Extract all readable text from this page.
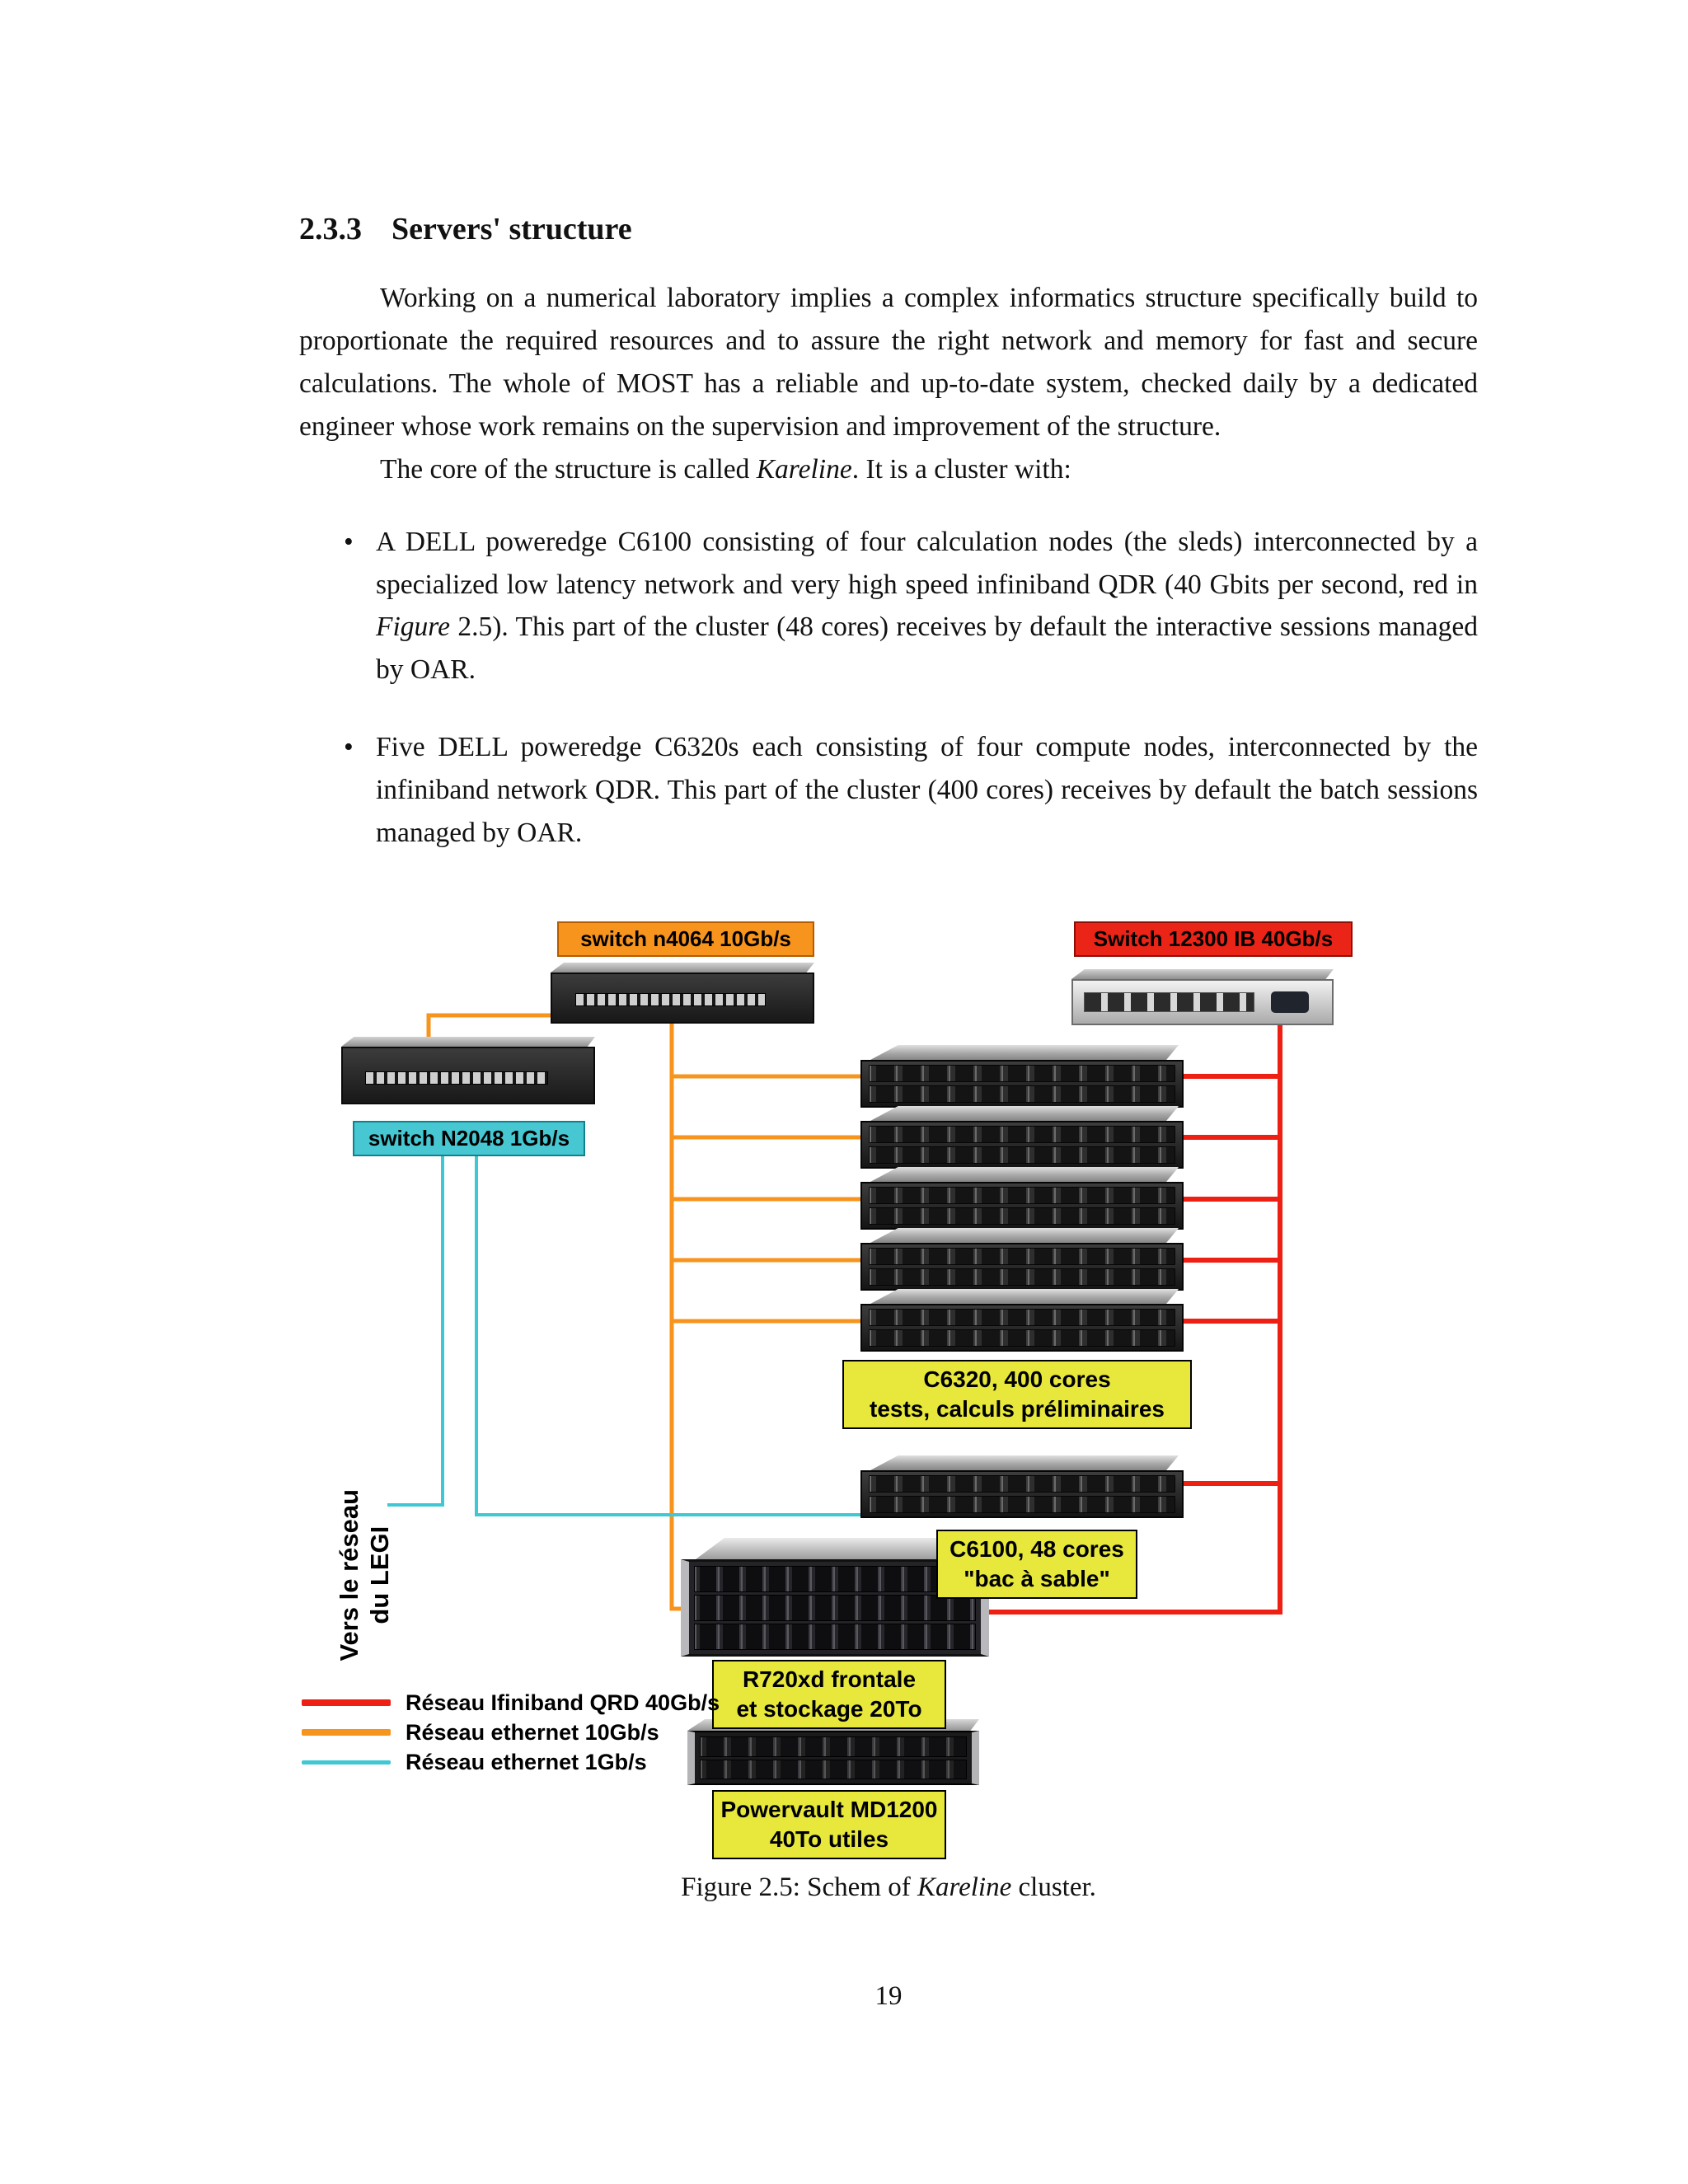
2.3.3 Servers' structure

Working on a numerical laboratory implies a complex informatics structure specifically build to proportionate the required resources and to assure the right network and memory for fast and secure calculations. The whole of MOST has a reliable and up-to-date system, checked daily by a dedicated engineer whose work remains on the supervision and improvement of the structure.

The core of the structure is called Kareline. It is a cluster with:

• A DELL poweredge C6100 consisting of four calculation nodes (the sleds) interconnected by a specialized low latency network and very high speed infiniband QDR (40 Gbits per second, red in Figure 2.5). This part of the cluster (48 cores) receives by default the interactive sessions managed by OAR.
• Five DELL poweredge C6320s each consisting of four compute nodes, interconnected by the infiniband network QDR. This part of the cluster (400 cores) receives by default the batch sessions managed by OAR.
switch n4064 10Gb/s	Switch 12300 IB 40Gb/s
switch N2048 1Gb/s
C6320, 400 cores
tests, calculs préliminaires
C6100, 48 cores
"bac à sable"
R720xd frontale
et stockage 20To
Powervault MD1200
40To utiles
Vers le réseau du LEGI
Réseau Ifiniband QRD 40Gb/s
Réseau ethernet 10Gb/s
Réseau ethernet 1Gb/s
Figure 2.5: Schem of Kareline cluster.
19
